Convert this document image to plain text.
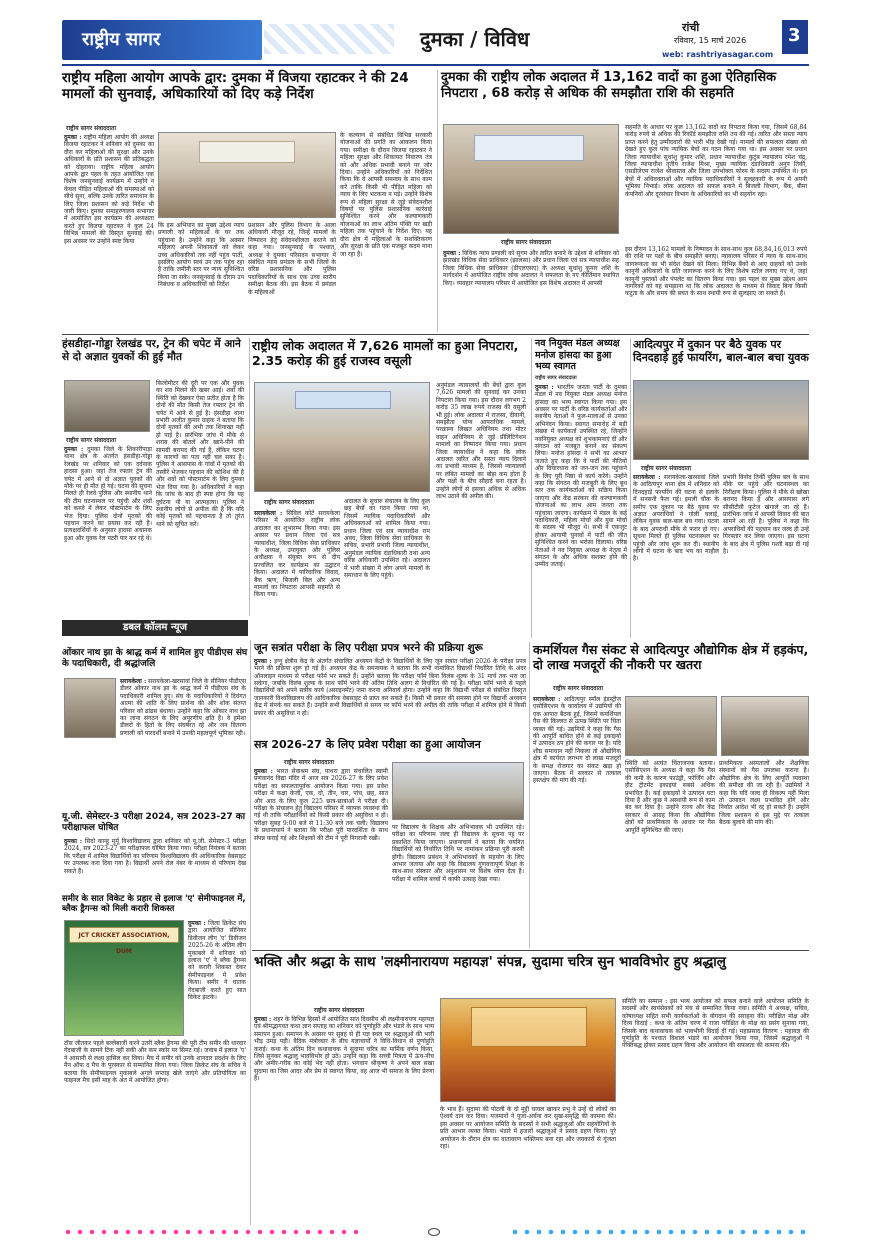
राष्ट्रीय सागर	दुमका / विविध	रांची
रविवार, 15 मार्च 2026
web: rashtriyasagar.com
3
राष्ट्रीय महिला आयोग आपके द्वार: दुमका में विजया रहाटकर ने की 24 मामलों की सुनवाई, अधिकारियों को दिए कड़े निर्देश
राष्ट्रीय सागर संवाददाता
दुमका : राष्ट्रीय महिला आयोग की अध्यक्ष विजया रहाटकर ने शनिवार को दुमका का दौरा कर महिलाओं की सुरक्षा और उनके अधिकारों के प्रति प्रशासन की प्रतिबद्धता को दोहराया। राष्ट्रीय महिला आयोग आपके द्वार पहल के तहत आयोजित एक विशेष जनसुनवाई कार्यक्रम में उन्होंने न केवल पीड़ित महिलाओं की समस्याओं को सीधे सुना, बल्कि उनके त्वरित समाधान के लिए जिला प्रशासन को कड़े निर्देश भी जारी किए। दुमका समाहरणालय सभागार में आयोजित इस कार्यक्रम की अध्यक्षता करते हुए विजया रहाटकर ने कुल 24 विभिन्न मामलों की विस्तृत सुनवाई की। इस अवसर पर उन्होंने स्पष्ट किया
कि इस अभियान का मुख्य उद्देश्य न्याय प्रणाली को महिलाओं के घर तक पहुंचाना है। उन्होंने कहा कि अक्सर महिलाएं अपनी शिकायतों को लेकर उच्च अधिकारियों तक नहीं पहुंच पातीं, इसलिए आयोग स्वयं उन तक पहुंच रहा है ताकि जमीनी स्तर पर न्याय सुनिश्चित किया जा सके। जनसुनवाई के दौरान उप निबंधक व अधिकारियों को निर्देश
प्रशासन और पुलिस विभाग के आला अधिकारी मौजूद रहे, जिन्हें मामलों के निष्पादन हेतु संवेदनशीलता बरतने को कहा गया। जनसुनवाई के पश्चात, अध्यक्ष ने दुमका परिसदन सभागार में संबंधित न्याय प्रमंडल के सभी जिलों के वरिष्ठ प्रशासनिक और पुलिस पदाधिकारियों के साथ एक उच्च स्तरीय समीक्षा बैठक की। इस बैठक में प्रमंडल के महिलाओं
के कल्याण से संबंधित विभिन्न सरकारी योजनाओं की प्रगति का आकलन किया गया। समीक्षा के दौरान विजया रहाटकर ने महिला सुरक्षा और शिकायत निवारण तंत्र को और अधिक प्रभावी बनाने पर जोर दिया। उन्होंने अधिकारियों को निर्देशित किया कि वे आपसी समन्वय के साथ काम करें ताकि किसी भी पीड़ित महिला को न्याय के लिए भटकना न पड़े। उन्होंने विशेष रूप से महिला सुरक्षा से जुड़े संवेदनशील विषयों पर पुलिस प्रशासनिक कार्रवाई सुनिश्चित करने और कल्याणकारी योजनाओं का लाभ अंतिम पंक्ति पर खड़ी महिला तक पहुंचाने के निर्देश दिए। यह दौरा क्षेत्र में महिलाओं के सशक्तिकरण और सुरक्षा के प्रति एक मजबूत कदम माना जा रहा है।
दुमका की राष्ट्रीय लोक अदालत में 13,162 वादों का हुआ ऐतिहासिक निपटारा , 68 करोड़ से अधिक की समझौता राशि की सहमति
राष्ट्रीय सागर संवाददाता
दुमका : विधिक न्याय प्रणाली को सुगम और त्वरित बनाने के उद्देश्य से शनिवार को झारखंड विधिक सेवा प्राधिकार (झालसा) और प्रधान जिला एवं सत्र न्यायाधीश सह जिला विधिक सेवा प्राधिकार (डीएलएसए) के अध्यक्ष सुधांशु कुमार शशि के मार्गदर्शन में आयोजित राष्ट्रीय लोक अदालत ने सफलता के नए कीर्तिमान स्थापित किए। व्यवहार न्यायालय परिसर में आयोजित इस विशेष अदालत में आपसी
सहमति के आधार पर कुल 13,162 वादों का निपटारा किया गया, जिसमें 68,84 करोड़ रुपये से अधिक की रिकॉर्ड समझौता राशि तय की गई। त्वरित और सस्ता न्याय प्राप्त करने हेतु उम्मीदवारों की भारी भीड़ देखी गई। मामलों की सफलता संख्या को देखते हुए कुल पांच न्यायिक बेंचों का गठन किया गया था। इस अवसर पर प्रधान जिला न्यायाधीश सुधांशु कुमार शशि, प्रधान न्यायाधीश कुटुंब न्यायालय रमेश चंद्र, जिला न्यायाधीश तृतीय राजेश मिश्रा, मुख्य न्यायिक दंडाधिकारी अनुप तिर्की, एसडीजेएम राजेश श्रीवास्तव और जिला उपभोक्ता फोरम के सदस्य उपस्थित थे। इन बेंचों में अधिवक्ताओं और न्यायिक पदाधिकारियों ने सुलहकारी के रूप में अपनी भूमिका निभाई। लोक अदालत को सफल बनाने में बिजली विभाग, बैंक, बीमा कंपनियों और दूरसंचार विभाग के अधिकारियों का भी सहयोग रहा।
इस दौरान 13,162 मामलों के निष्पादन के साथ-साथ कुल 68,84,16,013 रुपये की राशि पर पक्षों के बीच समझौते बनाए। न्यायालय परिसर में न्याय के साथ-साथ जागरूकता का भी संदेश देखने को मिला। विभिन्न बैंकों से आए ग्राहकों को उनके कानूनी अधिकारों के प्रति जागरूक करने के लिए विशेष स्टॉल लगाए गए थे, जहां कानूनी पुस्तकों और पंपलेट का वितरण किया गया। इस पहल का मुख्य उद्देश्य आम नागरिकों को यह समझाना था कि लोक अदालत के माध्यम से विवाद बिना किसी कटुता के और समय की बचत के साथ स्थायी रूप से सुलझाए जा सकते हैं।
हंसडीहा-गोड्डा रेलखंड पर, ट्रेन की चपेट में आने से दो अज्ञात युवकों की हुई मौत
राष्ट्रीय सागर संवाददाता
दुमका : दुमका जिले के शिकारीपाड़ा थाना क्षेत्र के अंतर्गत हंसडीहा-गोड्डा रेलखंड पर शनिवार को एक दर्दनाक हादसा हुआ। जहां तेज रफ्तार ट्रेन की चपेट में आने से दो अज्ञात युवकों की मौके पर ही मौत हो गई। घटना की सूचना मिलते ही रेलवे पुलिस और स्थानीय थाने की टीम घटनास्थल पर पहुंची और शवों को कब्जे में लेकर पोस्टमार्टम के लिए भेज दिया। पुलिस दोनों मृतकों की पहचान करने का प्रयास कर रही है। प्रत्यक्षदर्शियों के अनुसार हादसा अचानक हुआ और युवक रेल पटरी पार कर रहे थे।
किलोमीटर की दूरी पर एक और युवक का शव मिलने की खबर आई। शवों की स्थिति को देखकर ऐसा प्रतीत होता है कि दोनों की मौत किसी तेज रफ्तार ट्रेन की चपेट में आने से हुई है। हंसडीहा थाना प्रभारी अजीत कुमार ग्राहक ने बताया कि दोनों मृतकों की अभी तक शिनाख्त नहीं हो पाई है। प्रारंभिक जांच में मौके से शराब की बोतलें और खाने-पीने की सामग्री बरामद की गई है, लेकिन घटना के कारणों का पता नहीं चल सका है। पुलिस ने आसपास के गांवों में मृतकों की तस्वीरें भेजकर पहचान की कोशिश की है और शवों को पोस्टमार्टम के लिए दुमका भेज दिया गया है। अधिकारियों ने कहा कि जांच के बाद ही स्पष्ट होगा कि यह दुर्घटना थी या आत्महत्या। पुलिस ने स्थानीय लोगों से अपील की है कि यदि कोई मृतकों को पहचानता है तो तुरंत थाने को सूचित करें।
राष्ट्रीय लोक अदालत में 7,626 मामलों का हुआ निपटारा, 2.35 करोड़ की हुई राजस्व वसूली
राष्ट्रीय सागर संवाददाता
सरायकेला : सिविल कोर्ट सरायकेला परिसर में आयोजित राष्ट्रीय लोक अदालत का शुभारम्भ किया गया। इस अवसर पर प्रधान जिला एवं सत्र न्यायाधीश, जिला विधिक सेवा प्राधिकार के अध्यक्ष, उपायुक्त और पुलिस अधीक्षक ने संयुक्त रूप से दीप प्रज्वलित कर कार्यक्रम का उद्घाटन किया। अदालत में पारिवारिक विवाद, बैंक ऋण, बिजली बिल और अन्य मामलों का निपटारा आपसी सहमति से किया गया।
अदालत के सुचारु संचालन के लिए कुल छह बेंचों का गठन किया गया था, जिसमें न्यायिक पदाधिकारियों और अधिवक्ताओं को शामिल किया गया। प्रधान जिला एवं सत्र न्यायाधीश राम अवध, जिला विधिक सेवा प्राधिकार के सचिव, प्रभारी प्रभारी जिला न्यायाधीश, अनुमंडल न्यायिक दंडाधिकारी तथा अन्य वरिष्ठ अधिकारी उपस्थित रहे। अदालत में भारी संख्या में लोग अपने मामलों के समाधान के लिए पहुंचे।
अनुमंडल न्यायालयों की बेंचों द्वारा कुल 7,626 मामलों की सुनवाई कर उनका निपटारा किया गया। इस दौरान लगभग 2 करोड़ 35 लाख रुपये राजस्व की वसूली भी हुई। लोक अदालत में राजस्व, दीवानी, समझौता योग्य आपराधिक मामले, परक्राम्य लिखत अधिनियम तथा मोटर वाहन अधिनियम से जुड़े प्रीलिटिगेशन मामलों का निष्पादन किया गया। प्रधान जिला न्यायाधीश ने कहा कि लोक अदालत त्वरित और सस्ता न्याय दिलाने का प्रभावी माध्यम है, जिससे न्यायालयों पर लंबित मामलों का बोझ कम होता है और पक्षों के बीच सौहार्द बना रहता है। उन्होंने लोगों से इसका अधिक से अधिक लाभ उठाने की अपील की।
नव नियुक्त मंडल अध्यक्ष मनोज हांसदा का हुआ भव्य स्वागत
राष्ट्रीय सागर संवाददाता
दुमका : भारतीय जनता पार्टी के दुमका मंडल में नव नियुक्त मंडल अध्यक्ष मनोज हांसदा का भव्य स्वागत किया गया। इस अवसर पर पार्टी के वरिष्ठ कार्यकर्ताओं और स्थानीय नेताओं ने फूल-मालाओं से उनका अभिनंदन किया। स्वागत समारोह में बड़ी संख्या में कार्यकर्ता उपस्थित रहे, जिन्होंने नवनियुक्त अध्यक्ष को शुभकामनाएं दीं और संगठन को मजबूत बनाने का संकल्प लिया। मनोज हांसदा ने सभी का आभार जताते हुए कहा कि वे पार्टी की नीतियों और विचारधारा को जन-जन तक पहुंचाने के लिए पूरी निष्ठा से कार्य करेंगे। उन्होंने कहा कि संगठन की मजबूती के लिए बूथ स्तर तक कार्यकर्ताओं को सक्रिय किया जाएगा और केंद्र सरकार की कल्याणकारी योजनाओं का लाभ आम जनता तक पहुंचाया जाएगा। कार्यक्रम में मंडल के कई पदाधिकारी, महिला मोर्चा और युवा मोर्चा के सदस्य भी मौजूद थे। सभी ने एकजुट होकर आगामी चुनावों में पार्टी की जीत सुनिश्चित करने का भरोसा दिलाया। वरिष्ठ नेताओं ने नव नियुक्त अध्यक्ष के नेतृत्व में संगठन के और अधिक सशक्त होने की उम्मीद जताई।
आदित्यपुर में दुकान पर बैठे युवक पर दिनदहाड़े हुई फायरिंग, बाल-बाल बचा युवक
राष्ट्रीय सागर संवाददाता
सरायकेला : सरायकेला-खरसावां जिले के आदित्यपुर थाना क्षेत्र में शनिवार को दिनदहाड़े फायरिंग की घटना से इलाके में सनसनी फैल गई। इमली चौक के समीप एक दुकान पर बैठे युवक पर अज्ञात अपराधियों ने गोली चलाई, लेकिन युवक बाल-बाल बच गया। घटना के बाद अपराधी मौके से फरार हो गए। सूचना मिलते ही पुलिस घटनास्थल पर पहुंची और जांच शुरू कर दी। स्थानीय लोगों में घटना के बाद भय का माहौल है।
प्रभारी विनोद तिर्की पुलिस बल के साथ मौके पर पहुंचे और घटनास्थल का निरीक्षण किया। पुलिस ने मौके से खोखा बरामद किया है और आसपास लगे सीसीटीवी फुटेज खंगाले जा रहे हैं। प्रारंभिक जांच में आपसी विवाद की बात सामने आ रही है। पुलिस ने कहा कि अपराधियों की पहचान कर जल्द ही उन्हें गिरफ्तार कर लिया जाएगा। इस घटना के बाद क्षेत्र में पुलिस गश्ती बढ़ा दी गई है।
डबल कॉलम न्यूज
ओंकार नाथ झा के श्राद्ध कर्म में शामिल हुए पीडीएस संघ के पदाधिकारी, दी श्रद्धांजलि
सरायकेला : सरायकेला-खरसावां जिले के सीनियर पीडीएस डीलर ओंकार नाथ झा के श्राद्ध कर्म में पीडीएस संघ के पदाधिकारी शामिल हुए। संघ के पदाधिकारियों ने दिवंगत आत्मा की शांति के लिए प्रार्थना की और शोक संतप्त परिवार को ढांढस बंधाया। उन्होंने कहा कि ओंकार नाथ झा का जाना संगठन के लिए अपूरणीय क्षति है। वे हमेशा डीलरों के हितों के लिए संघर्षरत रहे और जन वितरण प्रणाली को पारदर्शी बनाने में उनकी महत्वपूर्ण भूमिका रही।
यू.जी. सेमेस्टर-3 परीक्षा 2024, सत्र 2023-27 का परीक्षाफल घोषित
दुमका : सिदो कान्हू मुर्मू विश्वविद्यालय द्वारा शनिवार को यू.जी. सेमेस्टर-3 परीक्षा 2024, सत्र 2023-27 का परीक्षाफल घोषित किया गया। परीक्षा नियंत्रक ने बताया कि परीक्षा में शामिल विद्यार्थियों का परिणाम विश्वविद्यालय की आधिकारिक वेबसाइट पर उपलब्ध करा दिया गया है। विद्यार्थी अपने रोल नंबर के माध्यम से परिणाम देख सकते हैं।
समीर के सात विकेट के प्रहार से इलाज 'ए' सेमीफाइनल में, ब्लैक ड्रैगन्स को मिली करारी शिकस्त
JCT CRICKET ASSOCIATION, DUM
दुमका : जिला क्रिकेट संघ द्वारा आयोजित सीनियर डिवीजन लीग 'ए' डिवीजन 2025-26 के अंतिम लीग मुकाबले में शनिवार को इलाज 'ए' ने ब्लैक ड्रैगन्स को करारी शिकस्त देकर सेमीफाइनल में प्रवेश किया। समीर ने घातक गेंदबाजी करते हुए सात विकेट झटके।
टॉस जीतकर पहले बल्लेबाजी करने उतरी ब्लैक ड्रैगन्स की पूरी टीम समीर की धारदार गेंदबाजी के सामने टिक नहीं सकी और कम स्कोर पर सिमट गई। जवाब में इलाज 'ए' ने आसानी से लक्ष्य हासिल कर लिया। मैच में समीर को उनके शानदार प्रदर्शन के लिए मैन ऑफ द मैच के पुरस्कार से सम्मानित किया गया। जिला क्रिकेट संघ के सचिव ने बताया कि सेमीफाइनल मुकाबले अगले सप्ताह खेले जाएंगे और प्रतियोगिता का फाइनल मैच इसी माह के अंत में आयोजित होगा।
जून सत्रांत परीक्षा के लिए परीक्षा प्रपत्र भरने की प्रक्रिया शुरू
दुमका : इग्नू क्षेत्रीय केंद्र के अंतर्गत संचालित अध्ययन केंद्रों के विद्यार्थियों के लिए जून सत्रांत परीक्षा 2026 के परीक्षा प्रपत्र भरने की प्रक्रिया शुरू हो गई है। अध्ययन केंद्र के समन्वयक ने बताया कि सभी नामांकित विद्यार्थी निर्धारित तिथि के अंदर ऑनलाइन माध्यम से परीक्षा फॉर्म भर सकते हैं। उन्होंने बताया कि परीक्षा फॉर्म बिना विलंब शुल्क के 31 मार्च तक भरा जा सकेगा, जबकि विलंब शुल्क के साथ फॉर्म भरने की अंतिम तिथि अलग से निर्धारित की गई है। परीक्षा फॉर्म भरने से पहले विद्यार्थियों को अपने सत्रीय कार्य (असाइनमेंट) जमा करना अनिवार्य होगा। उन्होंने कहा कि विद्यार्थी परीक्षा से संबंधित विस्तृत जानकारी विश्वविद्यालय की आधिकारिक वेबसाइट से प्राप्त कर सकते हैं। किसी भी प्रकार की समस्या होने पर विद्यार्थी अध्ययन केंद्र में संपर्क कर सकते हैं। उन्होंने सभी विद्यार्थियों से समय पर फॉर्म भरने की अपील की ताकि परीक्षा में शामिल होने में किसी प्रकार की असुविधा न हो।
सत्र 2026-27 के लिए प्रवेश परीक्षा का हुआ आयोजन
राष्ट्रीय सागर संवाददाता
दुमका : भारत सेवाश्रम संघ, पाथरा द्वारा संचालित स्वामी प्रणवानंद विद्या मंदिर में आज सत्र 2026-27 के लिए प्रवेश परीक्षा का सफलतापूर्वक आयोजन किया गया। इस प्रवेश परीक्षा में कक्षा केजी, एक, दो, तीन, चार, पांच, छह, सात और आठ के लिए कुल 225 छात्र-छात्राओं ने परीक्षा दी। परीक्षा के संचालन हेतु विद्यालय परिसर में व्यापक व्यवस्था की गई थी ताकि परीक्षार्थियों को किसी प्रकार की असुविधा न हो। परीक्षा सुबह 9:00 बजे से 11:30 बजे तक चली। विद्यालय के प्रधानाचार्य ने बताया कि परीक्षा पूरी पारदर्शिता के साथ संपन्न कराई गई और शिक्षकों की टीम ने पूरी निगरानी रखी।
पर विद्यालय के शिक्षक और अभिभावक भी उपस्थित रहे। परीक्षा का परिणाम जल्द ही विद्यालय के सूचना पट्ट पर प्रकाशित किया जाएगा। प्रधानाचार्य ने बताया कि चयनित विद्यार्थियों को निर्धारित तिथि पर नामांकन प्रक्रिया पूरी करनी होगी। विद्यालय प्रबंधन ने अभिभावकों के सहयोग के लिए आभार जताया और कहा कि विद्यालय गुणवत्तापूर्ण शिक्षा के साथ-साथ संस्कार और अनुशासन पर विशेष ध्यान देता है। परीक्षा में शामिल बच्चों में काफी उत्साह देखा गया।
कमर्शियल गैस संकट से आदित्यपुर औद्योगिक क्षेत्र में हड़कंप, दो लाख मजदूरों की नौकरी पर खतरा
राष्ट्रीय सागर संवाददाता
सरायकेला : आदित्यपुर स्मॉल इंडस्ट्रीज एसोसिएशन के कार्यालय में उद्यमियों की एक आपात बैठक हुई, जिसमें कमर्शियल गैस की किल्लत से उत्पन्न स्थिति पर चिंता व्यक्त की गई। उद्यमियों ने कहा कि गैस की आपूर्ति बाधित होने से कई इकाइयों में उत्पादन ठप होने की कगार पर है। यदि शीघ्र समाधान नहीं निकला तो औद्योगिक क्षेत्र में कार्यरत लगभग दो लाख मजदूरों के समक्ष रोजगार का संकट खड़ा हो जाएगा। बैठक में सरकार से तत्काल हस्तक्षेप की मांग की गई।
स्थिति को अत्यंत चिंताजनक बताया। एसोसिएशन के अध्यक्ष ने कहा कि गैस की कमी के कारण फाउंड्री, फोर्जिंग और हीट ट्रीटमेंट इकाइयां सबसे अधिक प्रभावित हैं। कई इकाइयों ने उत्पादन घटा दिया है और कुछ ने अस्थायी रूप से काम बंद कर दिया है। उन्होंने राज्य और केंद्र सरकार से आग्रह किया कि औद्योगिक क्षेत्रों को प्राथमिकता के आधार पर गैस आपूर्ति सुनिश्चित की जाए।
प्राथमिकता अस्पतालों और शैक्षणिक संस्थानों को गैस उपलब्ध कराना है। औद्योगिक क्षेत्र के लिए आपूर्ति व्यवस्था की समीक्षा की जा रही है। उद्यमियों ने कहा कि यदि जल्द ही विकल्प नहीं मिला तो उत्पादन लक्ष्य प्रभावित होंगे और निर्यात आदेश भी रद्द हो सकते हैं। उन्होंने जिला प्रशासन से इस मुद्दे पर तत्काल बैठक बुलाने की मांग की।
भक्ति और श्रद्धा के साथ 'लक्ष्मीनारायण महायज्ञ' संपन्न, सुदामा चरित्र सुन भावविभोर हुए श्रद्धालु
राष्ट्रीय सागर संवाददाता
दुमका : शहर के विभिन्न हिस्सों में आयोजित सात दिवसीय श्री लक्ष्मीनारायण महायज्ञ एवं श्रीमद्भागवत कथा ज्ञान सप्ताह का शनिवार को पूर्णाहुति और भंडारे के साथ भव्य समापन हुआ। समापन के अवसर पर सुबह से ही यज्ञ स्थल पर श्रद्धालुओं की भारी भीड़ उमड़ पड़ी। वैदिक मंत्रोच्चार के बीच यज्ञाचार्यों ने विधि-विधान से पूर्णाहुति कराई। कथा के अंतिम दिन कथावाचक ने सुदामा चरित्र का मार्मिक वर्णन किया, जिसे सुनकर श्रद्धालु भावविभोर हो उठे। उन्होंने कहा कि सच्ची मित्रता में ऊंच-नीच और अमीर-गरीब का कोई भेद नहीं होता। भगवान श्रीकृष्ण ने अपने बाल सखा सुदामा का जिस आदर और प्रेम से स्वागत किया, वह आज भी समाज के लिए प्रेरणा है।
के भाव हैं। सुदामा की पोटली के दो मुट्ठी चावल खाकर प्रभु ने उन्हें दो लोकों का ऐश्वर्य दान कर दिया। यजमानों ने पूजा-अर्चना कर सुख-समृद्धि की कामना की। इस अवसर पर आयोजन समिति के सदस्यों ने सभी श्रद्धालुओं और सहयोगियों के प्रति आभार व्यक्त किया। भंडारे में हजारों श्रद्धालुओं ने प्रसाद ग्रहण किया। पूरे आयोजन के दौरान क्षेत्र का वातावरण भक्तिमय बना रहा और जयकारों से गूंजता रहा।
समिति का सम्मान : इस भव्य आयोजन को सफल बनाने वाले आयोजन समिति के सदस्यों और स्वयंसेवकों को मंच से सम्मानित किया गया। समिति ने अध्यक्ष, सचिव, कोषाध्यक्ष सहित सभी कार्यकर्ताओं के योगदान की सराहना की। परीक्षित मोक्ष और दिव्य विदाई : कथा के अंतिम चरण में राजा परीक्षित के मोक्ष का प्रसंग सुनाया गया, जिसके बाद कथावाचक को भावभीनी विदाई दी गई। महाप्रसाद वितरण : महायज्ञ की पूर्णाहुति के पश्चात विशाल भंडारे का आयोजन किया गया, जिसमें श्रद्धालुओं ने पंक्तिबद्ध होकर प्रसाद ग्रहण किया और आयोजन की सफलता की कामना की।
